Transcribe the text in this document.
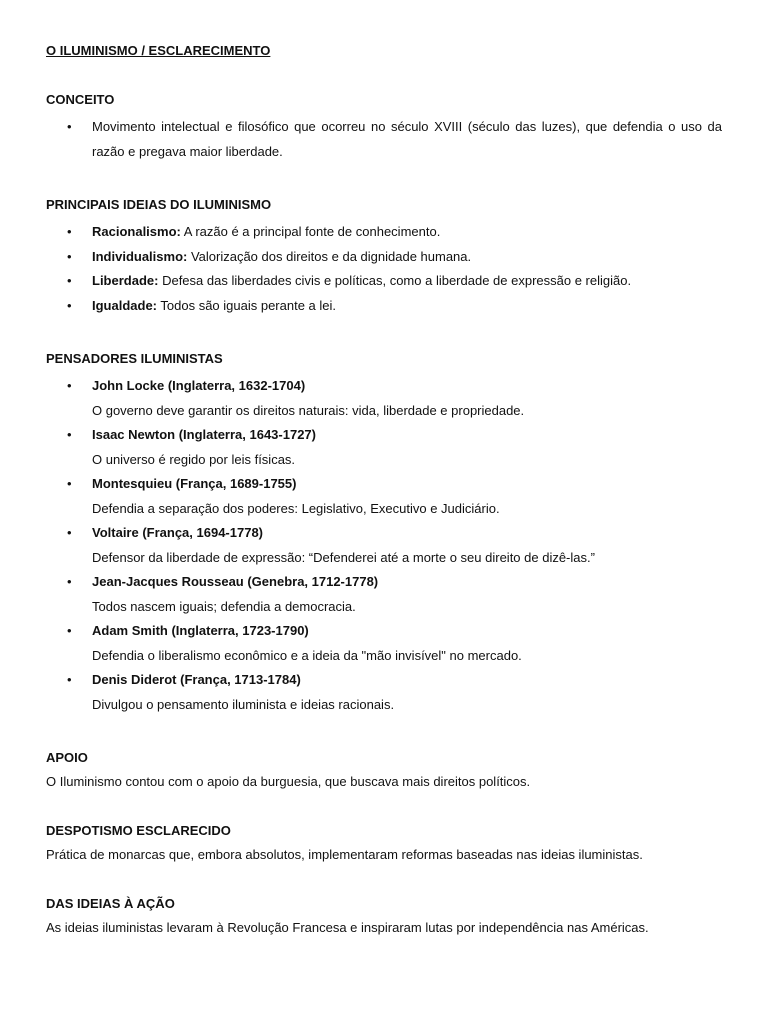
O ILUMINISMO / ESCLARECIMENTO
CONCEITO
• Movimento intelectual e filosófico que ocorreu no século XVIII (século das luzes), que defendia o uso da razão e pregava maior liberdade.
PRINCIPAIS IDEIAS DO ILUMINISMO
• Racionalismo: A razão é a principal fonte de conhecimento.
• Individualismo: Valorização dos direitos e da dignidade humana.
• Liberdade: Defesa das liberdades civis e políticas, como a liberdade de expressão e religião.
• Igualdade: Todos são iguais perante a lei.
PENSADORES ILUMINISTAS
• John Locke (Inglaterra, 1632-1704)
O governo deve garantir os direitos naturais: vida, liberdade e propriedade.
• Isaac Newton (Inglaterra, 1643-1727)
O universo é regido por leis físicas.
• Montesquieu (França, 1689-1755)
Defendia a separação dos poderes: Legislativo, Executivo e Judiciário.
• Voltaire (França, 1694-1778)
Defensor da liberdade de expressão: “Defenderei até a morte o seu direito de dizê-las.”
• Jean-Jacques Rousseau (Genebra, 1712-1778)
Todos nascem iguais; defendia a democracia.
• Adam Smith (Inglaterra, 1723-1790)
Defendia o liberalismo econômico e a ideia da "mão invisível" no mercado.
• Denis Diderot (França, 1713-1784)
Divulgou o pensamento iluminista e ideias racionais.
APOIO

O Iluminismo contou com o apoio da burguesia, que buscava mais direitos políticos.

DESPOTISMO ESCLARECIDO

Prática de monarcas que, embora absolutos, implementaram reformas baseadas nas ideias iluministas.

DAS IDEIAS À AÇÃO

As ideias iluministas levaram à Revolução Francesa e inspiraram lutas por independência nas Américas.
